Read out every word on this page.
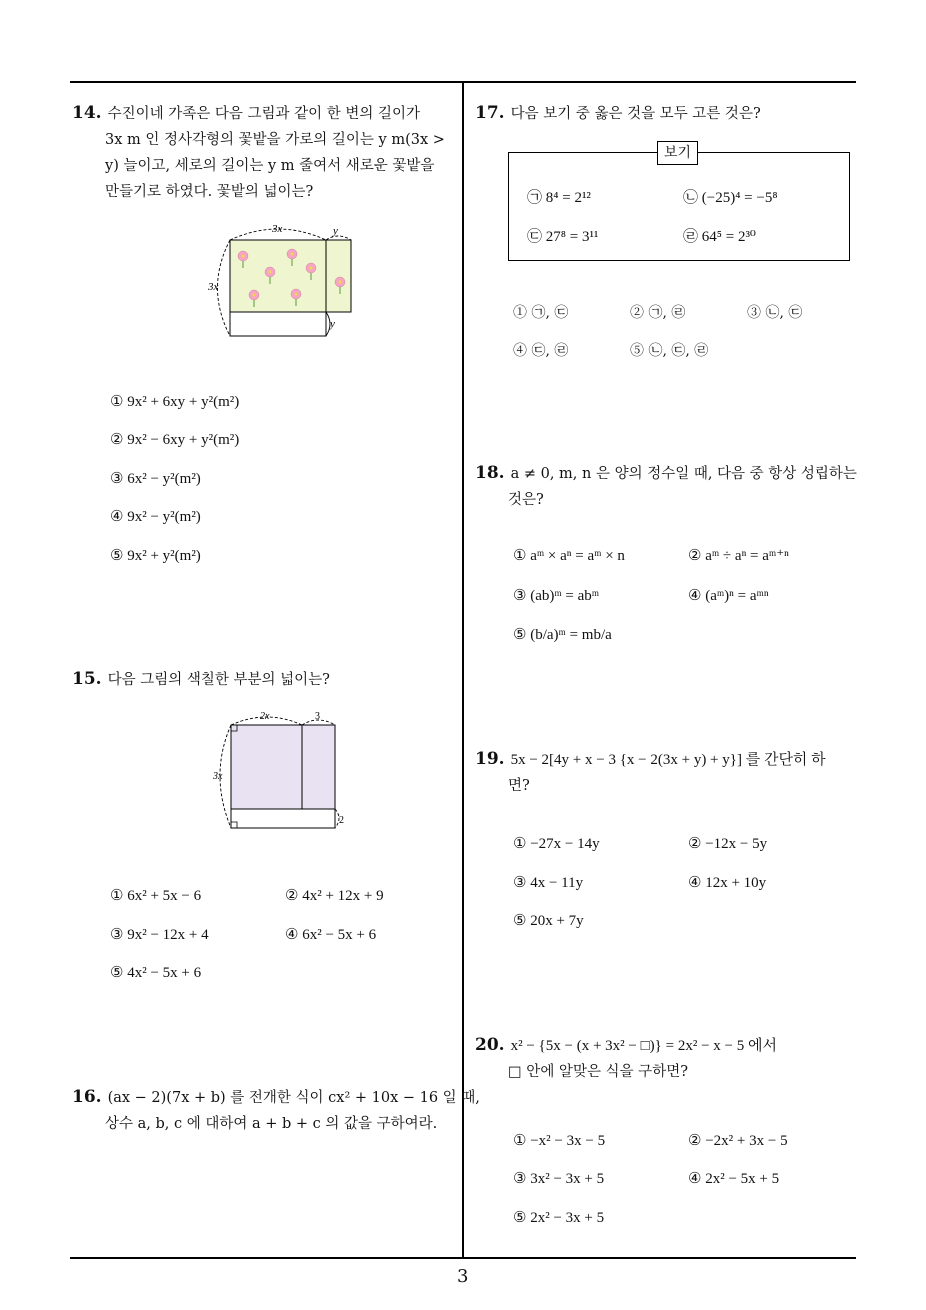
14. 수진이네 가족은 다음 그림과 같이 한 변의 길이가
3x m 인 정사각형의 꽃밭을 가로의 길이는 y m(3x >
y) 늘이고, 세로의 길이는 y m 줄여서 새로운 꽃밭을
만들기로 하였다. 꽃밭의 넓이는?
3x	y
3x
y
① 9x² + 6xy + y²(m²)
② 9x² − 6xy + y²(m²)
③ 6x² − y²(m²)
④ 9x² − y²(m²)
⑤ 9x² + y²(m²)
15. 다음 그림의 색칠한 부분의 넓이는?
2x	3
3x
2
① 6x² + 5x − 6	② 4x² + 12x + 9
③ 9x² − 12x + 4	④ 6x² − 5x + 6
⑤ 4x² − 5x + 6
16. (ax − 2)(7x + b) 를 전개한 식이 cx² + 10x − 16 일 때,
상수 a, b, c 에 대하여 a + b + c 의 값을 구하여라.
17. 다음 보기 중 옳은 것을 모두 고른 것은?
보기
㉠ 8⁴ = 2¹²	㉡ (−25)⁴ = −5⁸
㉢ 27⁸ = 3¹¹	㉣ 64⁵ = 2³⁰
① ㉠, ㉢	② ㉠, ㉣	③ ㉡, ㉢
④ ㉢, ㉣	⑤ ㉡, ㉢, ㉣
18. a ≠ 0, m, n 은 양의 정수일 때, 다음 중 항상 성립하는
것은?
① aᵐ × aⁿ = aᵐ × n	② aᵐ ÷ aⁿ = aᵐ⁺ⁿ
③ (ab)ᵐ = abᵐ	④ (aᵐ)ⁿ = aᵐⁿ
⑤ (b/a)ᵐ = mb/a
19. 5x − 2[4y + x − 3 {x − 2(3x + y) + y}] 를 간단히 하
면?
① −27x − 14y	② −12x − 5y
③ 4x − 11y	④ 12x + 10y
⑤ 20x + 7y
20. x² − {5x − (x + 3x² − □)} = 2x² − x − 5 에서
□ 안에 알맞은 식을 구하면?
① −x² − 3x − 5	② −2x² + 3x − 5
③ 3x² − 3x + 5	④ 2x² − 5x + 5
⑤ 2x² − 3x + 5
3
